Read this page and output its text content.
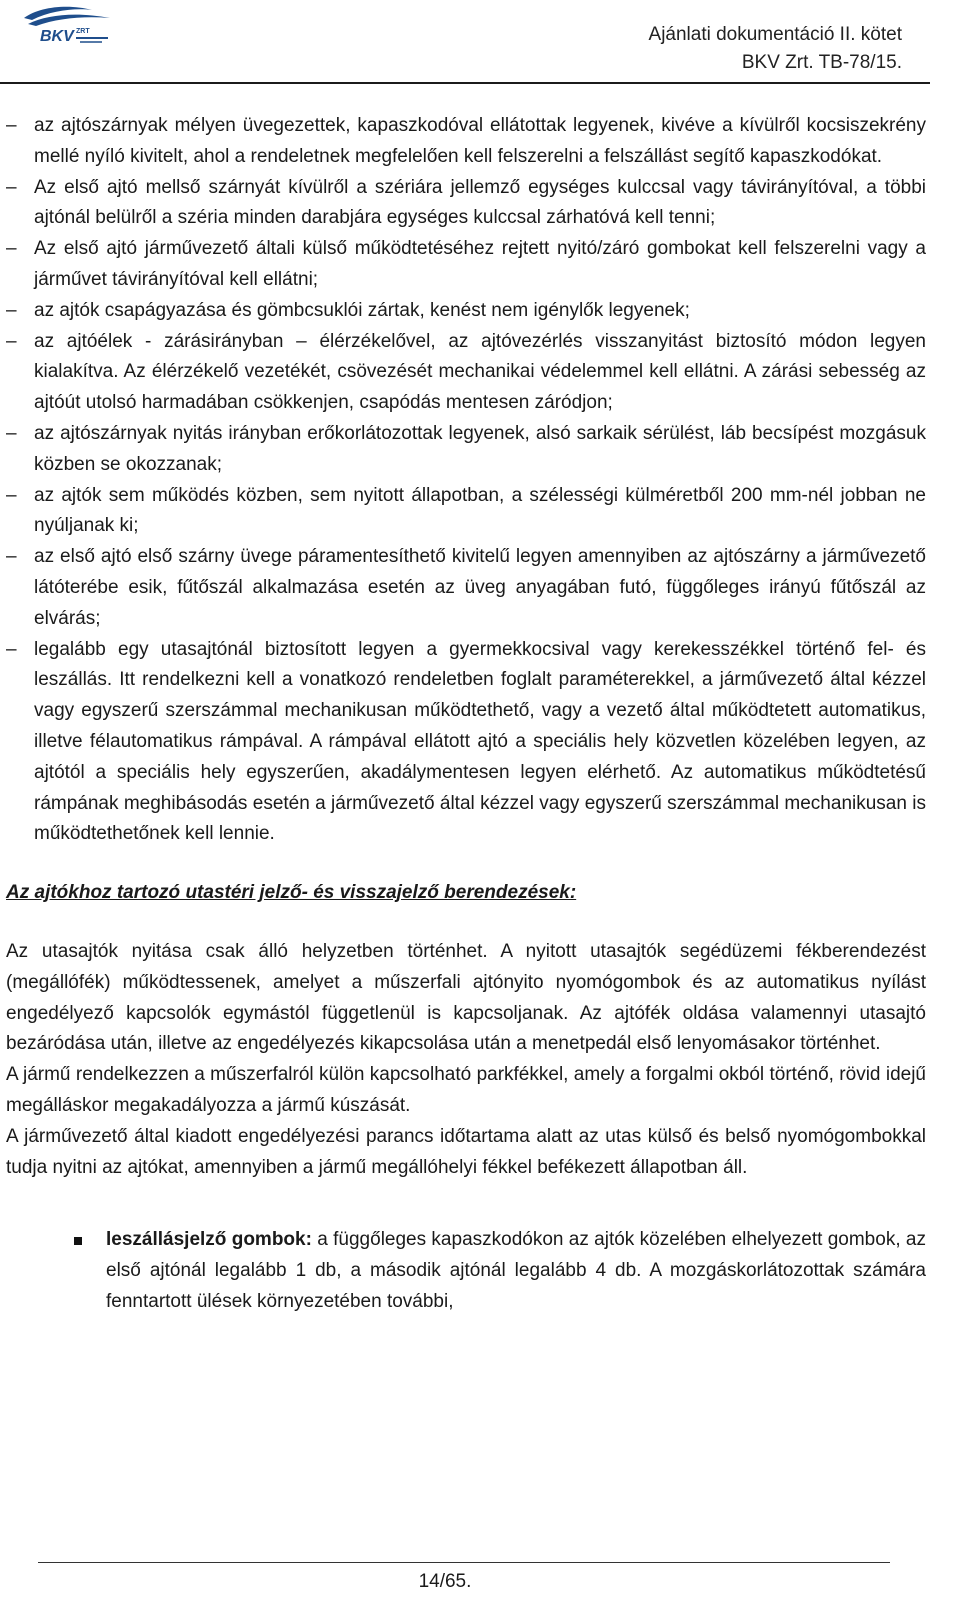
BKV ZRT	Ajánlati dokumentáció II. kötet
BKV Zrt. TB-78/15.
– az ajtószárnyak mélyen üvegezettek, kapaszkodóval ellátottak legyenek, kivéve a kívülről kocsiszekrény mellé nyíló kivitelt, ahol a rendeletnek megfelelően kell felszerelni a felszállást segítő kapaszkodókat.
– Az első ajtó mellső szárnyát kívülről a szériára jellemző egységes kulccsal vagy távirányítóval, a többi ajtónál belülről a széria minden darabjára egységes kulccsal zárhatóvá kell tenni;
– Az első ajtó járművezető általi külső működtetéséhez rejtett nyitó/záró gombokat kell felszerelni vagy a járművet távirányítóval kell ellátni;
– az ajtók csapágyazása és gömbcsuklói zártak, kenést nem igénylők legyenek;
– az ajtóélek - zárásirányban – élérzékelővel, az ajtóvezérlés visszanyitást biztosító módon legyen kialakítva. Az élérzékelő vezetékét, csövezését mechanikai védelemmel kell ellátni. A zárási sebesség az ajtóút utolsó harmadában csökkenjen, csapódás mentesen záródjon;
– az ajtószárnyak nyitás irányban erőkorlátozottak legyenek, alsó sarkaik sérülést, láb becsípést mozgásuk közben se okozzanak;
– az ajtók sem működés közben, sem nyitott állapotban, a szélességi külméretből 200 mm-nél jobban ne nyúljanak ki;
– az első ajtó első szárny üvege páramentesíthető kivitelű legyen amennyiben az ajtószárny a járművezető látóterébe esik, fűtőszál alkalmazása esetén az üveg anyagában futó, függőleges irányú fűtőszál az elvárás;
– legalább egy utasajtónál biztosított legyen a gyermekkocsival vagy kerekesszékkel történő fel- és leszállás. Itt rendelkezni kell a vonatkozó rendeletben foglalt paraméterekkel, a járművezető által kézzel vagy egyszerű szerszámmal mechanikusan működtethető, vagy a vezető által működtetett automatikus, illetve félautomatikus rámpával. A rámpával ellátott ajtó a speciális hely közvetlen közelében legyen, az ajtótól a speciális hely egyszerűen, akadálymentesen legyen elérhető. Az automatikus működtetésű rámpának meghibásodás esetén a járművezető által kézzel vagy egyszerű szerszámmal mechanikusan is működtethetőnek kell lennie.
Az ajtókhoz tartozó utastéri jelző- és visszajelző berendezések:

Az utasajtók nyitása csak álló helyzetben történhet. A nyitott utasajtók segédüzemi fékberendezést (megállófék) működtessenek, amelyet a műszerfali ajtónyito nyomógombok és az automatikus nyílást engedélyező kapcsolók egymástól függetlenül is kapcsoljanak. Az ajtófék oldása valamennyi utasajtó bezáródása után, illetve az engedélyezés kikapcsolása után a menetpedál első lenyomásakor történhet.

A jármű rendelkezzen a műszerfalról külön kapcsolható parkfékkel, amely a forgalmi okból történő, rövid idejű megálláskor megakadályozza a jármű kúszását.

A járművezető által kiadott engedélyezési parancs időtartama alatt az utas külső és belső nyomógombokkal tudja nyitni az ajtókat, amennyiben a jármű megállóhelyi fékkel befékezett állapotban áll.

leszállásjelző gombok: a függőleges kapaszkodókon az ajtók közelében elhelyezett gombok, az első ajtónál legalább 1 db, a második ajtónál legalább 4 db. A mozgáskorlátozottak számára fenntartott ülések környezetében további,
14/65.
